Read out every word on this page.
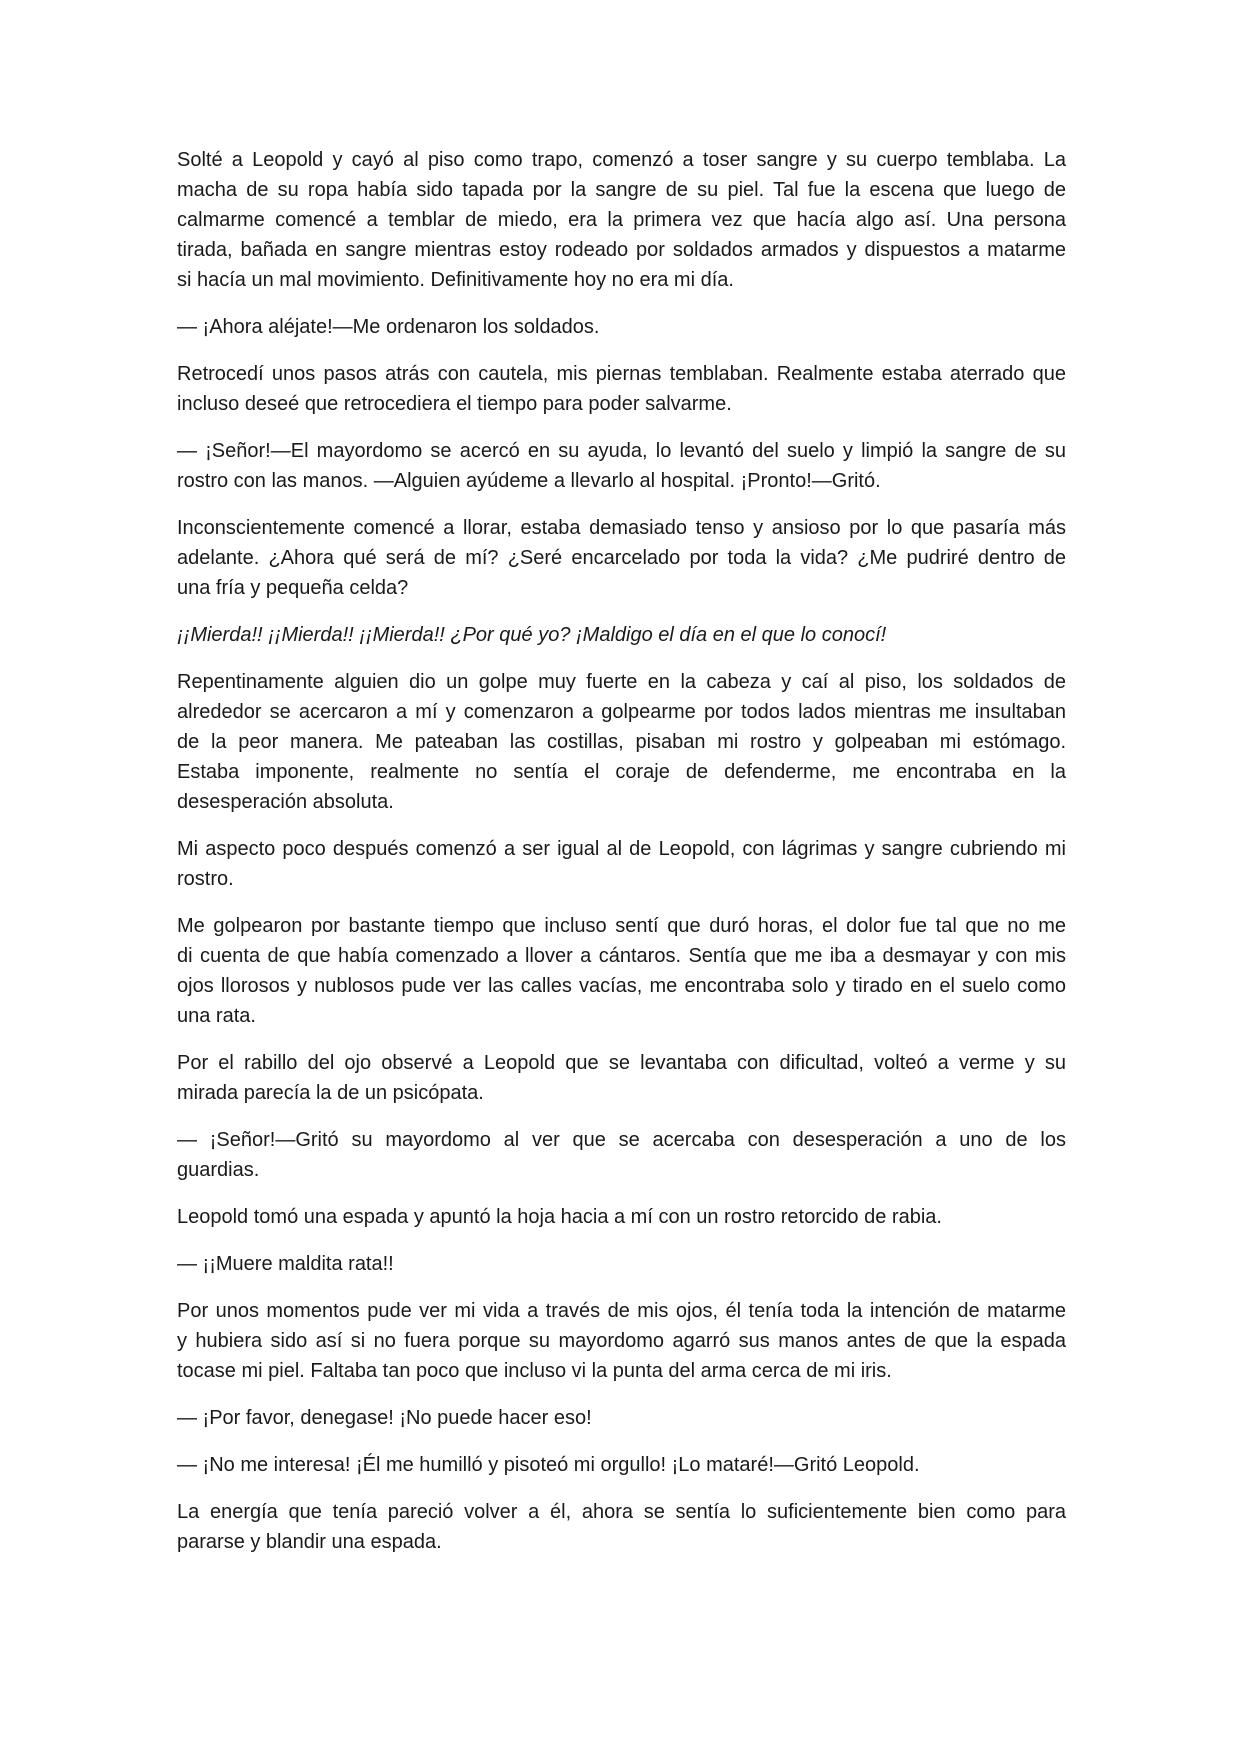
Solté a Leopold y cayó al piso como trapo, comenzó a toser sangre y su cuerpo temblaba. La
macha de su ropa había sido tapada por la sangre de su piel. Tal fue la escena que luego de
calmarme comencé a temblar de miedo, era la primera vez que hacía algo así. Una persona
tirada, bañada en sangre mientras estoy rodeado por soldados armados y dispuestos a matarme
si hacía un mal movimiento. Definitivamente hoy no era mi día.

— ¡Ahora aléjate!—Me ordenaron los soldados.

Retrocedí unos pasos atrás con cautela, mis piernas temblaban. Realmente estaba aterrado que
incluso deseé que retrocediera el tiempo para poder salvarme.

— ¡Señor!—El mayordomo se acercó en su ayuda, lo levantó del suelo y limpió la sangre de su
rostro con las manos. —Alguien ayúdeme a llevarlo al hospital. ¡Pronto!—Gritó.

Inconscientemente comencé a llorar, estaba demasiado tenso y ansioso por lo que pasaría más
adelante. ¿Ahora qué será de mí? ¿Seré encarcelado por toda la vida? ¿Me pudriré dentro de
una fría y pequeña celda?

¡¡Mierda!! ¡¡Mierda!! ¡¡Mierda!! ¿Por qué yo? ¡Maldigo el día en el que lo conocí!

Repentinamente alguien dio un golpe muy fuerte en la cabeza y caí al piso, los soldados de
alrededor se acercaron a mí y comenzaron a golpearme por todos lados mientras me insultaban
de la peor manera. Me pateaban las costillas, pisaban mi rostro y golpeaban mi estómago.
Estaba imponente, realmente no sentía el coraje de defenderme, me encontraba en la
desesperación absoluta.

Mi aspecto poco después comenzó a ser igual al de Leopold, con lágrimas y sangre cubriendo mi
rostro.

Me golpearon por bastante tiempo que incluso sentí que duró horas, el dolor fue tal que no me
di cuenta de que había comenzado a llover a cántaros. Sentía que me iba a desmayar y con mis
ojos llorosos y nublosos pude ver las calles vacías, me encontraba solo y tirado en el suelo como
una rata.

Por el rabillo del ojo observé a Leopold que se levantaba con dificultad, volteó a verme y su
mirada parecía la de un psicópata.

— ¡Señor!—Gritó su mayordomo al ver que se acercaba con desesperación a uno de los
guardias.

Leopold tomó una espada y apuntó la hoja hacia a mí con un rostro retorcido de rabia.

— ¡¡Muere maldita rata!!

Por unos momentos pude ver mi vida a través de mis ojos, él tenía toda la intención de matarme
y hubiera sido así si no fuera porque su mayordomo agarró sus manos antes de que la espada
tocase mi piel. Faltaba tan poco que incluso vi la punta del arma cerca de mi iris.

— ¡Por favor, denegase! ¡No puede hacer eso!

— ¡No me interesa! ¡Él me humilló y pisoteó mi orgullo! ¡Lo mataré!—Gritó Leopold.

La energía que tenía pareció volver a él, ahora se sentía lo suficientemente bien como para
pararse y blandir una espada.
